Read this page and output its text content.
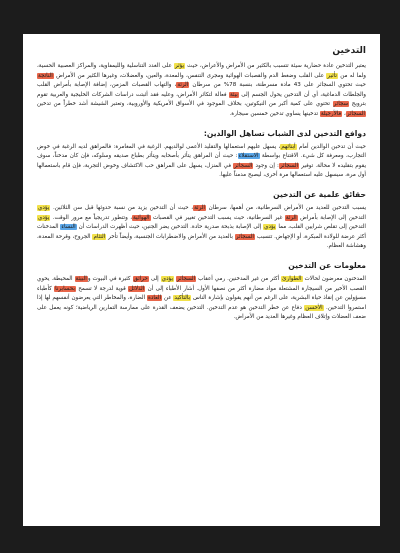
التدخين

يعتبر التدخين عادة حضارية سيئة تتسبب بالكثير من الأمراض والأعراض، حيث يؤثر على الغدد التناسلية والليمفاوية، والمراكز العصبية الحسية، ولما له من تأثير على القلب وضغط الدم والقصبات الهوائية ومجرى التنفس، والمعدة، والعين، والعضلات، وغيرها الكثير من الأمراض الناتجة حيث تحتوي السجائر على 43 مادة مسرطنة، بنسبة 78% من سرطان الرئة، والتهاب القصبات المزمن، إضافة الإصابة بأمراض القلب والجلطات الدماغية، أي أن التدخين يحول الجسم إلى بيئة فعالة لتكاثر الأمراض، وعليه فقد أثبتت دراسات الشركات الخليجية والعربية تقوم بترويج سجائر تحتوي على كمية أكبر من النيكوتين، بخلاف الموجود في الأسواق الأمريكية والأوروبية، وتعتبر الشيشة أشد خطراً من تدخين السجائر، فالأرجيلة تدخينها يساوي تدخين خمسين سيجارة.

دوافع التدخين لدى الشباب تساهل الوالدين:

حيث أن تدخين الوالدين أمام أبنائهم، يسهل عليهم استعمالها والتقليد الأعمى لوالديهم. الرغبة في المغامرة: فالمراهق لديه الرغبة في خوض التجارب، ومعرفة كل شيء. الاقتناع بواسطة الاستقلاء: حيث أن المراهق يتأثر بأصحابه ويتأثر بطباع صديقه وسلوكه، فإن كان مدخناً، سوف يقوم بتقليده لا محالة. توفير السجائر: إن وجود السجائر في المنزل، يسهل على المراهق حب الاكتشاف وخوض التجربة، فإن قام باستعمالها أول مرة، سيسهل عليه استعمالها مرة أخرى، ليصبح مدمناً عليها.

حقائق علمية عن التدخين

يسبب التدخين للعديد من الأمراض السرطانية، من أهمها، سرطان الرئة، حيث أن التدخين يزيد من نسبة حدوثها قبل سن الثلاثين. يؤدي التدخين إلى الإصابة بأمراض الرئة غير السرطانية، حيث يسبب التدخين تغيير في القصبات الهوائية، وتتطور تدريجياً مع مرور الوقت. يؤدي التدخين إلى تقلص شرايين القلب، مما يؤدي إلى الإصابة بذبحة صدرية حادة. التدخين يضر الجنين، حيث أظهرت الدراسات أن النساء المدخنات أكثر عرضة للولادة المبكرة، أو الإجهاض. تتسبب السجائر بالعديد من الأمراض والاضطرابات الجنسية، وأيضاً تأخر التئام الجروح، وقرحة المعدة، وهشاشة العظام.

معلومات عن التدخين

المدخنون معرضون لحالات الطوارئ أكثر من غير المدخنين. رمي أعقاب السجائر يؤدي إلى حرائق كثيرة في البيوت والبيئة المحيطة. يحوي القصب الأخير من السيجارة المشتعلة مواد مضارة أكثر من نصفها الأول. أشار الأطباء إلى أن الدلائل قوية لدرجة لا تسمح بحسابرنا كأطباء مسؤولين عن إنقاذ حياة البشرية، على الرغم من أنهم يقولون بإشارة الناس بالتأكيد عن العادة الضارة، والمخاطر التي يعرضون أنفسهم لها إذا استمروا التدخين. الأحسن دفاع عن خطر التدخين هو عدم التدخين. التدخين يضعف القدرة على ممارسة التمارين الرياضية؛ كونه يعمل على ضعف العضلات وإتلاف العظام وغيرها العديد من الأمراض.
